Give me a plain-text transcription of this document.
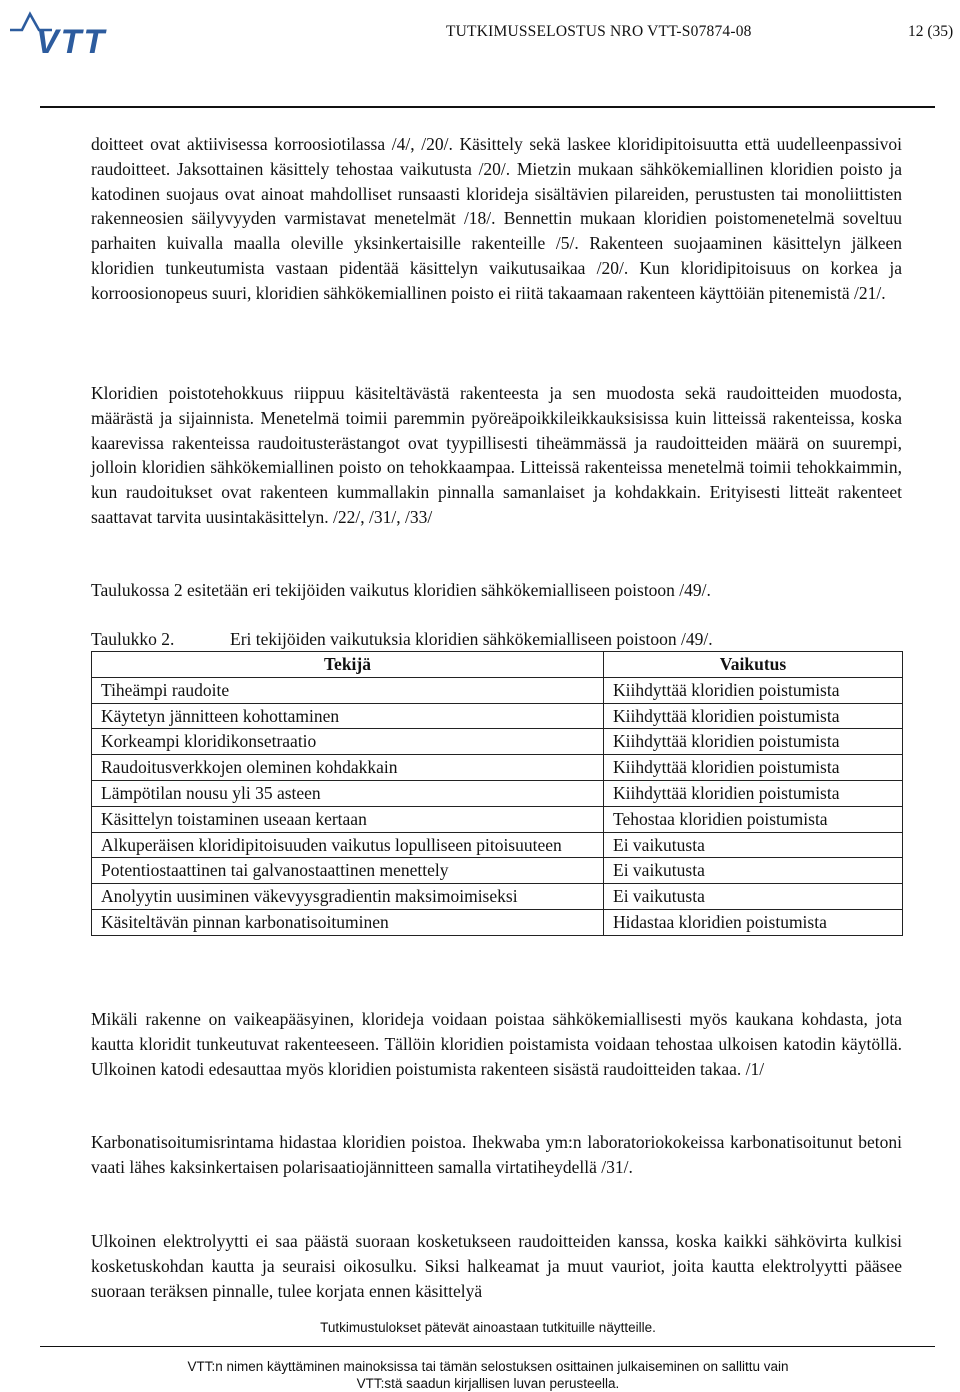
VTT	TUTKIMUSSELOSTUS NRO VTT-S07874-08	12 (35)

doitteet ovat aktiivisessa korroosiotilassa /4/, /20/. Käsittely sekä laskee kloridipitoisuutta että uudelleenpassivoi raudoitteet. Jaksottainen käsittely tehostaa vaikutusta /20/. Mietzin mukaan sähkökemiallinen kloridien poisto ja katodinen suojaus ovat ainoat mahdolliset runsaasti klorideja sisältävien pilareiden, perustusten tai monoliittisten rakenneosien säilyvyyden varmistavat menetelmät /18/. Bennettin mukaan kloridien poistomenetelmä soveltuu parhaiten kuivalla maalla oleville yksinkertaisille rakenteille /5/. Rakenteen suojaaminen käsittelyn jälkeen kloridien tunkeutumista vastaan pidentää käsittelyn vaikutusaikaa /20/. Kun kloridipitoisuus on korkea ja korroosionopeus suuri, kloridien sähkökemiallinen poisto ei riitä takaamaan rakenteen käyttöiän pitenemistä /21/.

Kloridien poistotehokkuus riippuu käsiteltävästä rakenteesta ja sen muodosta sekä raudoitteiden muodosta, määrästä ja sijainnista. Menetelmä toimii paremmin pyöreäpoikkileikkauksisissa kuin litteissä rakenteissa, koska kaarevissa rakenteissa raudoitusterästangot ovat tyypillisesti tiheämmässä ja raudoitteiden määrä on suurempi, jolloin kloridien sähkökemiallinen poisto on tehokkaampaa. Litteissä rakenteissa menetelmä toimii tehokkaimmin, kun raudoitukset ovat rakenteen kummallakin pinnalla samanlaiset ja kohdakkain. Erityisesti litteät rakenteet saattavat tarvita uusintakäsittelyn. /22/, /31/, /33/

Taulukossa 2 esitetään eri tekijöiden vaikutus kloridien sähkökemialliseen poistoon /49/.

Taulukko 2.	Eri tekijöiden vaikutuksia kloridien sähkökemialliseen poistoon /49/.
Tekijä	Vaikutus
Tiheämpi raudoite	Kiihdyttää kloridien poistumista
Käytetyn jännitteen kohottaminen	Kiihdyttää kloridien poistumista
Korkeampi kloridikonsetraatio	Kiihdyttää kloridien poistumista
Raudoitusverkkojen oleminen kohdakkain	Kiihdyttää kloridien poistumista
Lämpötilan nousu yli 35 asteen	Kiihdyttää kloridien poistumista
Käsittelyn toistaminen useaan kertaan	Tehostaa kloridien poistumista
Alkuperäisen kloridipitoisuuden vaikutus lopulliseen pitoisuuteen	Ei vaikutusta
Potentiostaattinen tai galvanostaattinen menettely	Ei vaikutusta
Anolyytin uusiminen väkevyysgradientin maksimoimiseksi	Ei vaikutusta
Käsiteltävän pinnan karbonatisoituminen	Hidastaa kloridien poistumista

Mikäli rakenne on vaikeapääsyinen, klorideja voidaan poistaa sähkökemiallisesti myös kaukana kohdasta, jota kautta kloridit tunkeutuvat rakenteeseen. Tällöin kloridien poistamista voidaan tehostaa ulkoisen katodin käytöllä. Ulkoinen katodi edesauttaa myös kloridien poistumista rakenteen sisästä raudoitteiden takaa. /1/

Karbonatisoitumisrintama hidastaa kloridien poistoa. Ihekwaba ym:n laboratoriokokeissa karbonatisoitunut betoni vaati lähes kaksinkertaisen polarisaatiojännitteen samalla virtatiheydellä /31/.

Ulkoinen elektrolyytti ei saa päästä suoraan kosketukseen raudoitteiden kanssa, koska kaikki sähkövirta kulkisi kosketuskohdan kautta ja seuraisi oikosulku. Siksi halkeamat ja muut vauriot, joita kautta elektrolyytti pääsee suoraan teräksen pinnalle, tulee korjata ennen käsittelyä

Tutkimustulokset pätevät ainoastaan tutkituille näytteille.
VTT:n nimen käyttäminen mainoksissa tai tämän selostuksen osittainen julkaiseminen on sallittu vain
VTT:stä saadun kirjallisen luvan perusteella.
